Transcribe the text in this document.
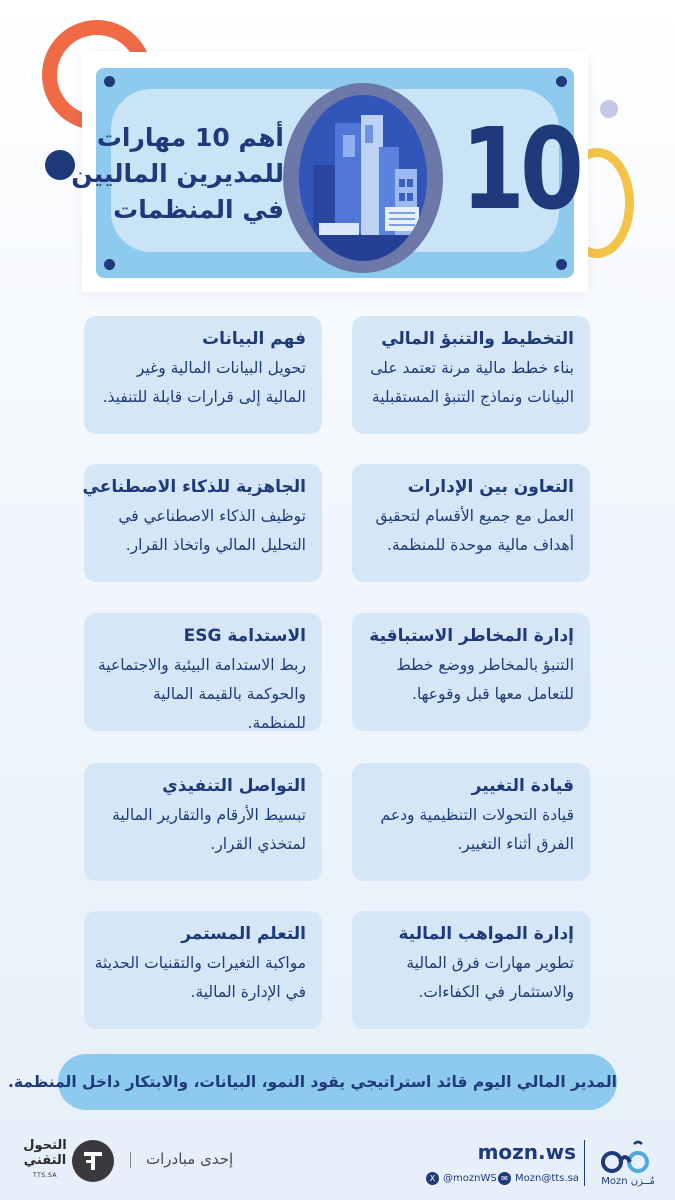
10
أهم 10 مهارات
للمديرين الماليين
في المنظمات
التخطيط والتنبؤ المالي
بناء خطط مالية مرنة تعتمد على البيانات ونماذج التنبؤ المستقبلية
فهم البيانات
تحويل البيانات المالية وغير المالية إلى قرارات قابلة للتنفيذ.
التعاون بين الإدارات
العمل مع جميع الأقسام لتحقيق أهداف مالية موحدة للمنظمة.
الجاهزية للذكاء الاصطناعي
توظيف الذكاء الاصطناعي في التحليل المالي واتخاذ القرار.
إدارة المخاطر الاستباقية
التنبؤ بالمخاطر ووضع خطط للتعامل معها قبل وقوعها.
الاستدامة ESG
ربط الاستدامة البيئية والاجتماعية والحوكمة بالقيمة المالية للمنظمة.
قيادة التغيير
قيادة التحولات التنظيمية ودعم الفرق أثناء التغيير.
التواصل التنفيذي
تبسيط الأرقام والتقارير المالية لمتخذي القرار.
إدارة المواهب المالية
تطوير مهارات فرق المالية والاستثمار في الكفاءات.
التعلم المستمر
مواكبة التغيرات والتقنيات الحديثة في الإدارة المالية.
المدير المالي اليوم قائد استراتيجي يقود النمو، البيانات، والابتكار داخل المنظمة.
Mozn مُــزن
mozn.ws
✉ Mozn@tts.sa
X @moznWS
إحدى مبادرات
التحول التقني
TTS.SA
